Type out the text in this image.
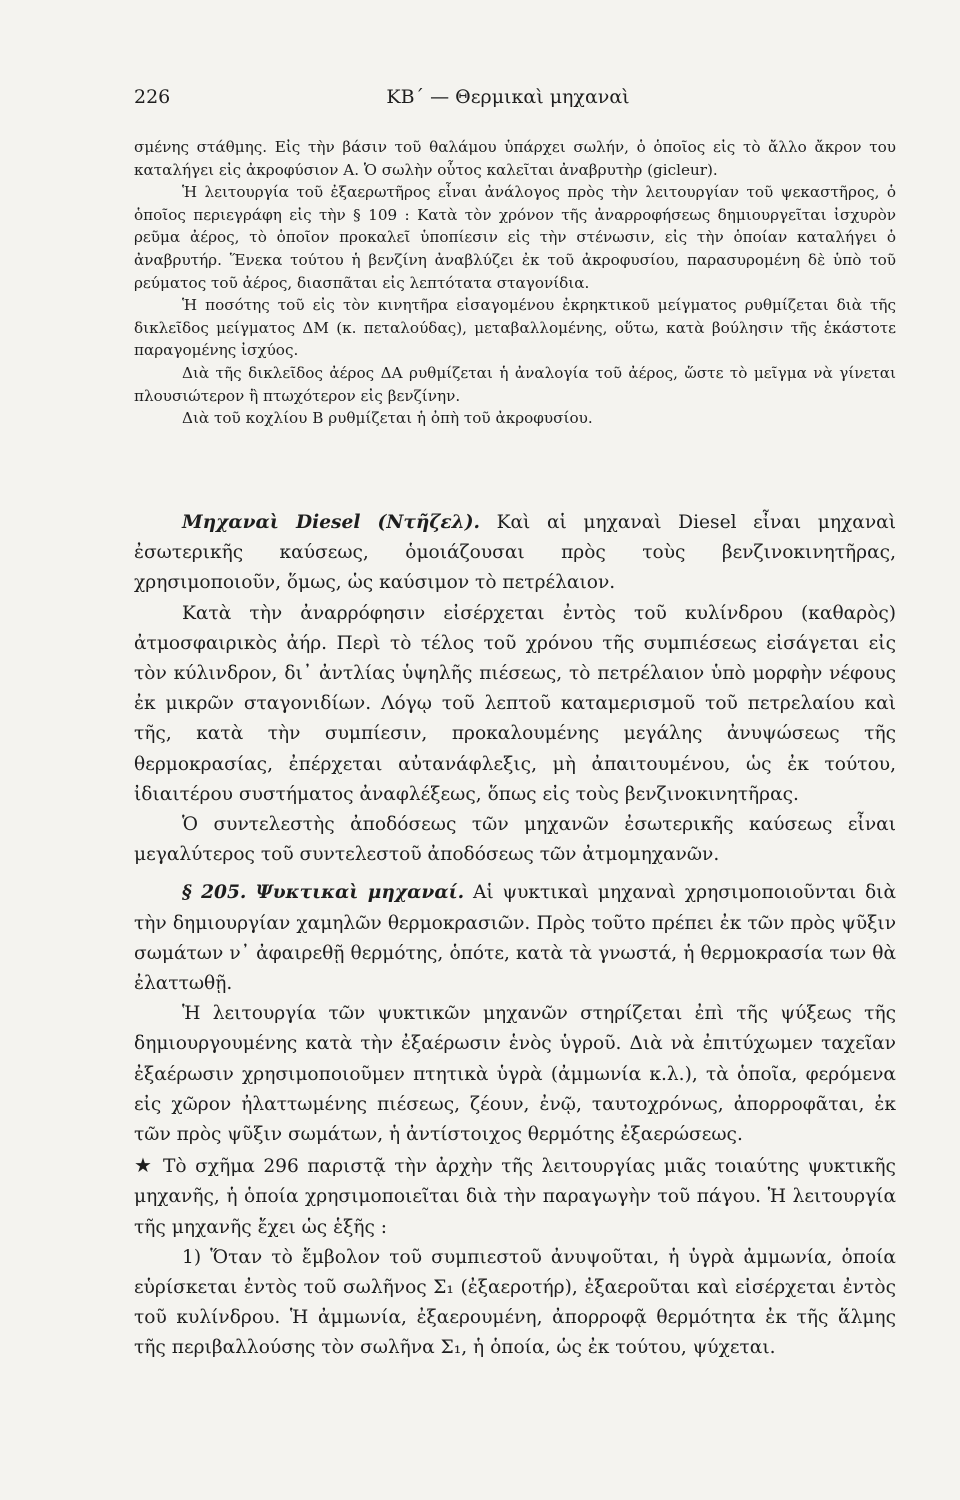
226	ΚΒ΄ — Θερμικαὶ μηχαναὶ

σμένης στάθμης. Εἰς τὴν βάσιν τοῦ θαλάμου ὑπάρχει σωλήν, ὁ ὁποῖος εἰς τὸ ἄλλο ἄκρον του καταλήγει εἰς ἀκροφύσιον Α. Ὁ σωλὴν οὗτος καλεῖται ἀναβρυτὴρ (gicleur).

Ἡ λειτουργία τοῦ ἐξαερωτῆρος εἶναι ἀνάλογος πρὸς τὴν λειτουργίαν τοῦ ψεκαστῆρος, ὁ ὁποῖος περιεγράφη εἰς τὴν § 109 : Κατὰ τὸν χρόνον τῆς ἀναρροφήσεως δημιουργεῖται ἰσχυρὸν ρεῦμα ἀέρος, τὸ ὁποῖον προκαλεῖ ὑποπίεσιν εἰς τὴν στένωσιν, εἰς τὴν ὁποίαν καταλήγει ὁ ἀναβρυτήρ. Ἕνεκα τούτου ἡ βενζίνη ἀναβλύζει ἐκ τοῦ ἀκροφυσίου, παρασυρομένη δὲ ὑπὸ τοῦ ρεύματος τοῦ ἀέρος, διασπᾶται εἰς λεπτότατα σταγονίδια.

Ἡ ποσότης τοῦ εἰς τὸν κινητῆρα εἰσαγομένου ἐκρηκτικοῦ μείγματος ρυθμίζεται διὰ τῆς δικλεῖδος μείγματος ΔΜ (κ. πεταλούδας), μεταβαλλομένης, οὕτω, κατὰ βούλησιν τῆς ἑκάστοτε παραγομένης ἰσχύος.

Διὰ τῆς δικλεῖδος ἀέρος ΔΑ ρυθμίζεται ἡ ἀναλογία τοῦ ἀέρος, ὥστε τὸ μεῖγμα νὰ γίνεται πλουσιώτερον ἢ πτωχότερον εἰς βενζίνην.

Διὰ τοῦ κοχλίου Β ρυθμίζεται ἡ ὀπὴ τοῦ ἀκροφυσίου.

Μηχαναὶ Diesel (Ντῆζελ). Καὶ αἱ μηχαναὶ Diesel εἶναι μηχαναὶ ἐσωτερικῆς καύσεως, ὁμοιάζουσαι πρὸς τοὺς βενζινοκινητῆρας, χρησιμοποιοῦν, ὅμως, ὡς καύσιμον τὸ πετρέλαιον.

Κατὰ τὴν ἀναρρόφησιν εἰσέρχεται ἐντὸς τοῦ κυλίνδρου (καθαρὸς) ἀτμοσφαιρικὸς ἀήρ. Περὶ τὸ τέλος τοῦ χρόνου τῆς συμπιέσεως εἰσάγεται εἰς τὸν κύλινδρον, δι᾽ ἀντλίας ὑψηλῆς πιέσεως, τὸ πετρέλαιον ὑπὸ μορφὴν νέφους ἐκ μικρῶν σταγονιδίων. Λόγῳ τοῦ λεπτοῦ καταμερισμοῦ τοῦ πετρελαίου καὶ τῆς, κατὰ τὴν συμπίεσιν, προκαλουμένης μεγάλης ἀνυψώσεως τῆς θερμοκρασίας, ἐπέρχεται αὐτανάφλεξις, μὴ ἀπαιτουμένου, ὡς ἐκ τούτου, ἰδιαιτέρου συστήματος ἀναφλέξεως, ὅπως εἰς τοὺς βενζινοκινητῆρας.

Ὁ συντελεστὴς ἀποδόσεως τῶν μηχανῶν ἐσωτερικῆς καύσεως εἶναι μεγαλύτερος τοῦ συντελεστοῦ ἀποδόσεως τῶν ἀτμομηχανῶν.

§ 205. Ψυκτικαὶ μηχαναί. Αἱ ψυκτικαὶ μηχαναὶ χρησιμοποιοῦνται διὰ τὴν δημιουργίαν χαμηλῶν θερμοκρασιῶν. Πρὸς τοῦτο πρέπει ἐκ τῶν πρὸς ψῦξιν σωμάτων ν᾽ ἀφαιρεθῇ θερμότης, ὁπότε, κατὰ τὰ γνωστά, ἡ θερμοκρασία των θὰ ἐλαττωθῇ.

Ἡ λειτουργία τῶν ψυκτικῶν μηχανῶν στηρίζεται ἐπὶ τῆς ψύξεως τῆς δημιουργουμένης κατὰ τὴν ἐξαέρωσιν ἑνὸς ὑγροῦ. Διὰ νὰ ἐπιτύχωμεν ταχεῖαν ἐξαέρωσιν χρησιμοποιοῦμεν πτητικὰ ὑγρὰ (ἀμμωνία κ.λ.), τὰ ὁποῖα, φερόμενα εἰς χῶρον ἠλαττωμένης πιέσεως, ζέουν, ἐνῷ, ταυτοχρόνως, ἀπορροφᾶται, ἐκ τῶν πρὸς ψῦξιν σωμάτων, ἡ ἀντίστοιχος θερμότης ἐξαερώσεως.

★ Τὸ σχῆμα 296 παριστᾷ τὴν ἀρχὴν τῆς λειτουργίας μιᾶς τοιαύτης ψυκτικῆς μηχανῆς, ἡ ὁποία χρησιμοποιεῖται διὰ τὴν παραγωγὴν τοῦ πάγου. Ἡ λειτουργία τῆς μηχανῆς ἔχει ὡς ἑξῆς :

1) Ὅταν τὸ ἔμβολον τοῦ συμπιεστοῦ ἀνυψοῦται, ἡ ὑγρὰ ἀμμωνία, ὁποία εὑρίσκεται ἐντὸς τοῦ σωλῆνος Σ₁ (ἐξαεροτήρ), ἐξαεροῦται καὶ εἰσέρχεται ἐντὸς τοῦ κυλίνδρου. Ἡ ἀμμωνία, ἐξαερουμένη, ἀπορροφᾷ θερμότητα ἐκ τῆς ἅλμης τῆς περιβαλλούσης τὸν σωλῆνα Σ₁, ἡ ὁποία, ὡς ἐκ τούτου, ψύχεται.
